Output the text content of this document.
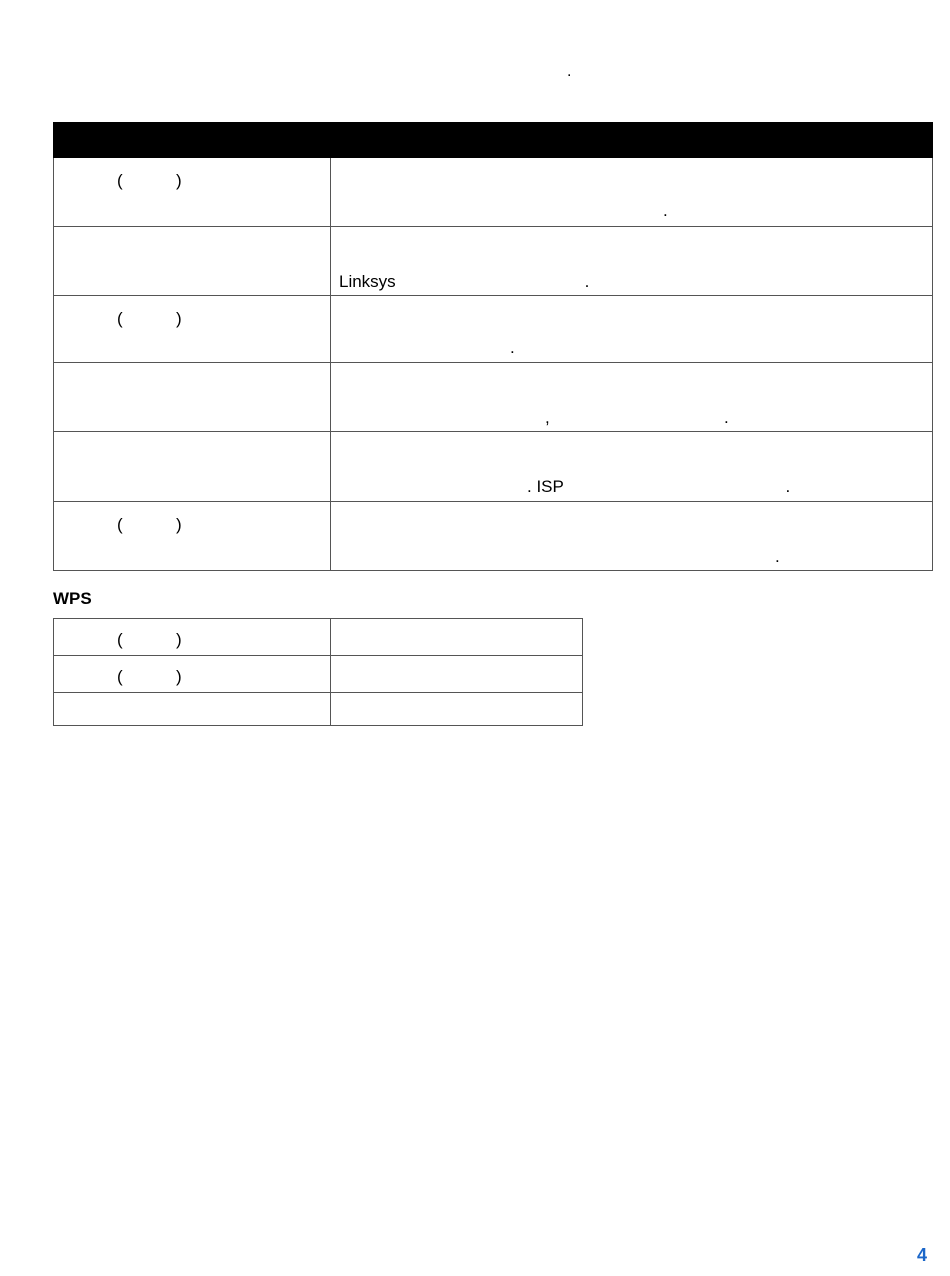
.

( )	.

	Linksys                                        .

( )	.

	, .

	. ISP                                               .

( )	.
WPS
( )	

( )	

4
